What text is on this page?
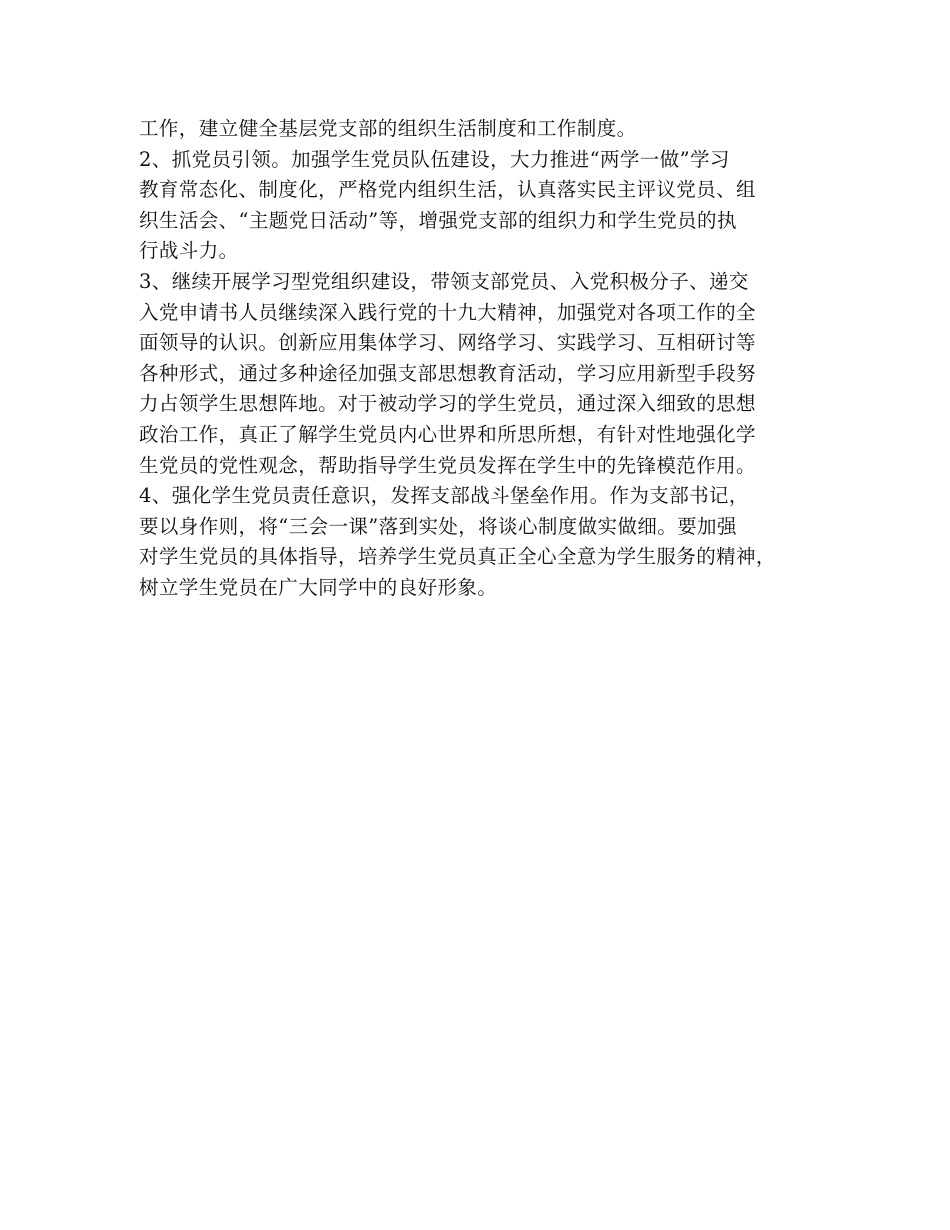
工作，建立健全基层党支部的组织生活制度和工作制度。
2、抓党员引领。加强学生党员队伍建设，大力推进“两学一做”学习
教育常态化、制度化，严格党内组织生活，认真落实民主评议党员、组
织生活会、“主题党日活动”等，增强党支部的组织力和学生党员的执
行战斗力。
3、继续开展学习型党组织建设，带领支部党员、入党积极分子、递交
入党申请书人员继续深入践行党的十九大精神，加强党对各项工作的全
面领导的认识。创新应用集体学习、网络学习、实践学习、互相研讨等
各种形式，通过多种途径加强支部思想教育活动，学习应用新型手段努
力占领学生思想阵地。对于被动学习的学生党员，通过深入细致的思想
政治工作，真正了解学生党员内心世界和所思所想，有针对性地强化学
生党员的党性观念，帮助指导学生党员发挥在学生中的先锋模范作用。
4、强化学生党员责任意识，发挥支部战斗堡垒作用。作为支部书记，
要以身作则，将“三会一课”落到实处，将谈心制度做实做细。要加强
对学生党员的具体指导，培养学生党员真正全心全意为学生服务的精神，
树立学生党员在广大同学中的良好形象。
